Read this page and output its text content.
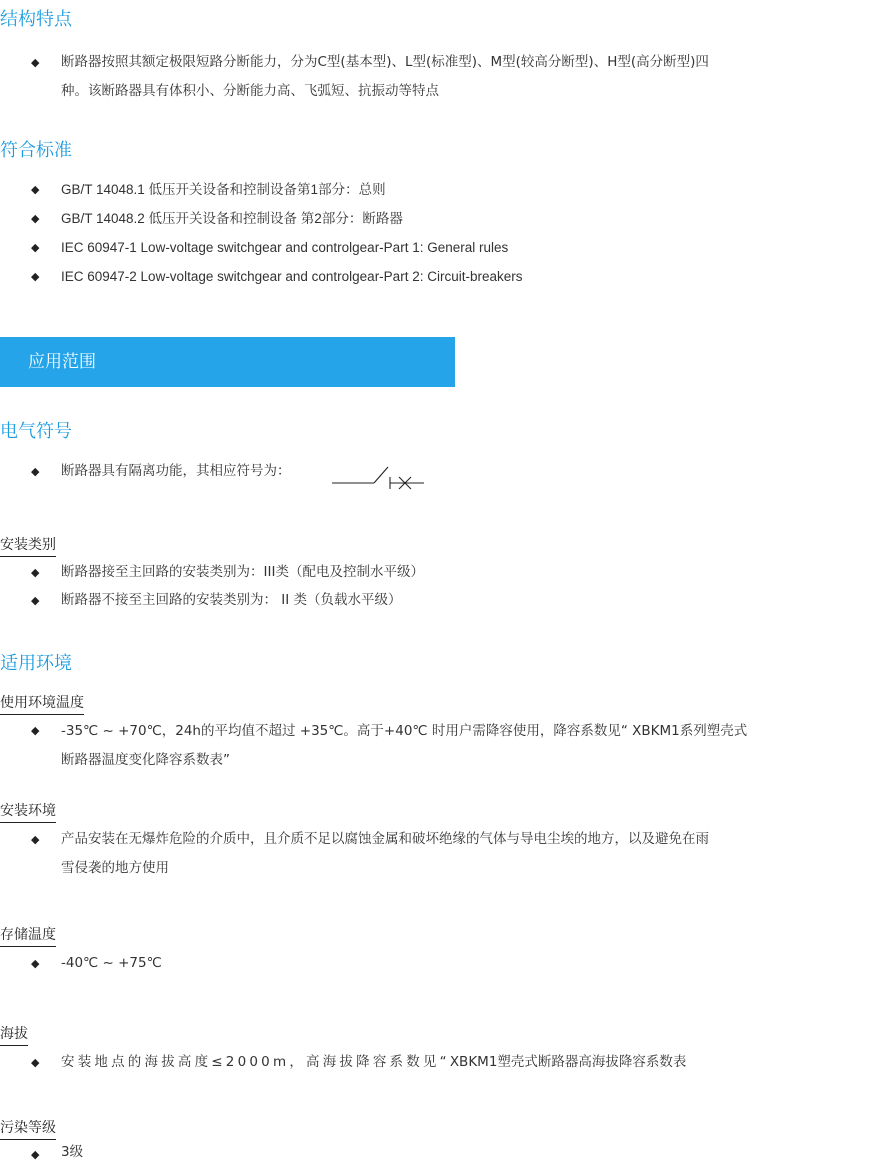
结构特点
◆ 断路器按照其额定极限短路分断能力，分为C型(基本型)、L型(标准型)、M型(较高分断型)、H型(高分断型)四
种。该断路器具有体积小、分断能力高、飞弧短、抗振动等特点
符合标准
◆ GB/T 14048.1 低压开关设备和控制设备第1部分：总则
◆ GB/T 14048.2 低压开关设备和控制设备 第2部分：断路器
◆ IEC 60947-1 Low-voltage switchgear and controlgear-Part 1: General rules
◆ IEC 60947-2 Low-voltage switchgear and controlgear-Part 2: Circuit-breakers
应用范围
电气符号
◆ 断路器具有隔离功能，其相应符号为：
安装类别
◆ 断路器接至主回路的安装类别为：III类（配电及控制水平级）
◆ 断路器不接至主回路的安装类别为： II 类（负载水平级）
适用环境
使用环境温度
◆ -35℃ ~ +70℃，24h的平均值不超过 +35℃。高于+40℃ 时用户需降容使用，降容系数见“ XBKM1系列塑壳式
断路器温度变化降容系数表”
安装环境
◆ 产品安装在无爆炸危险的介质中，且介质不足以腐蚀金属和破坏绝缘的气体与导电尘埃的地方，以及避免在雨
雪侵袭的地方使用
存储温度
◆ -40℃ ~ +75℃
海拔
◆ 安装地点的海拔高度≤2000m，高海拔降容系数见“XBKM1塑壳式断路器高海拔降容系数表
污染等级
◆ 3级
